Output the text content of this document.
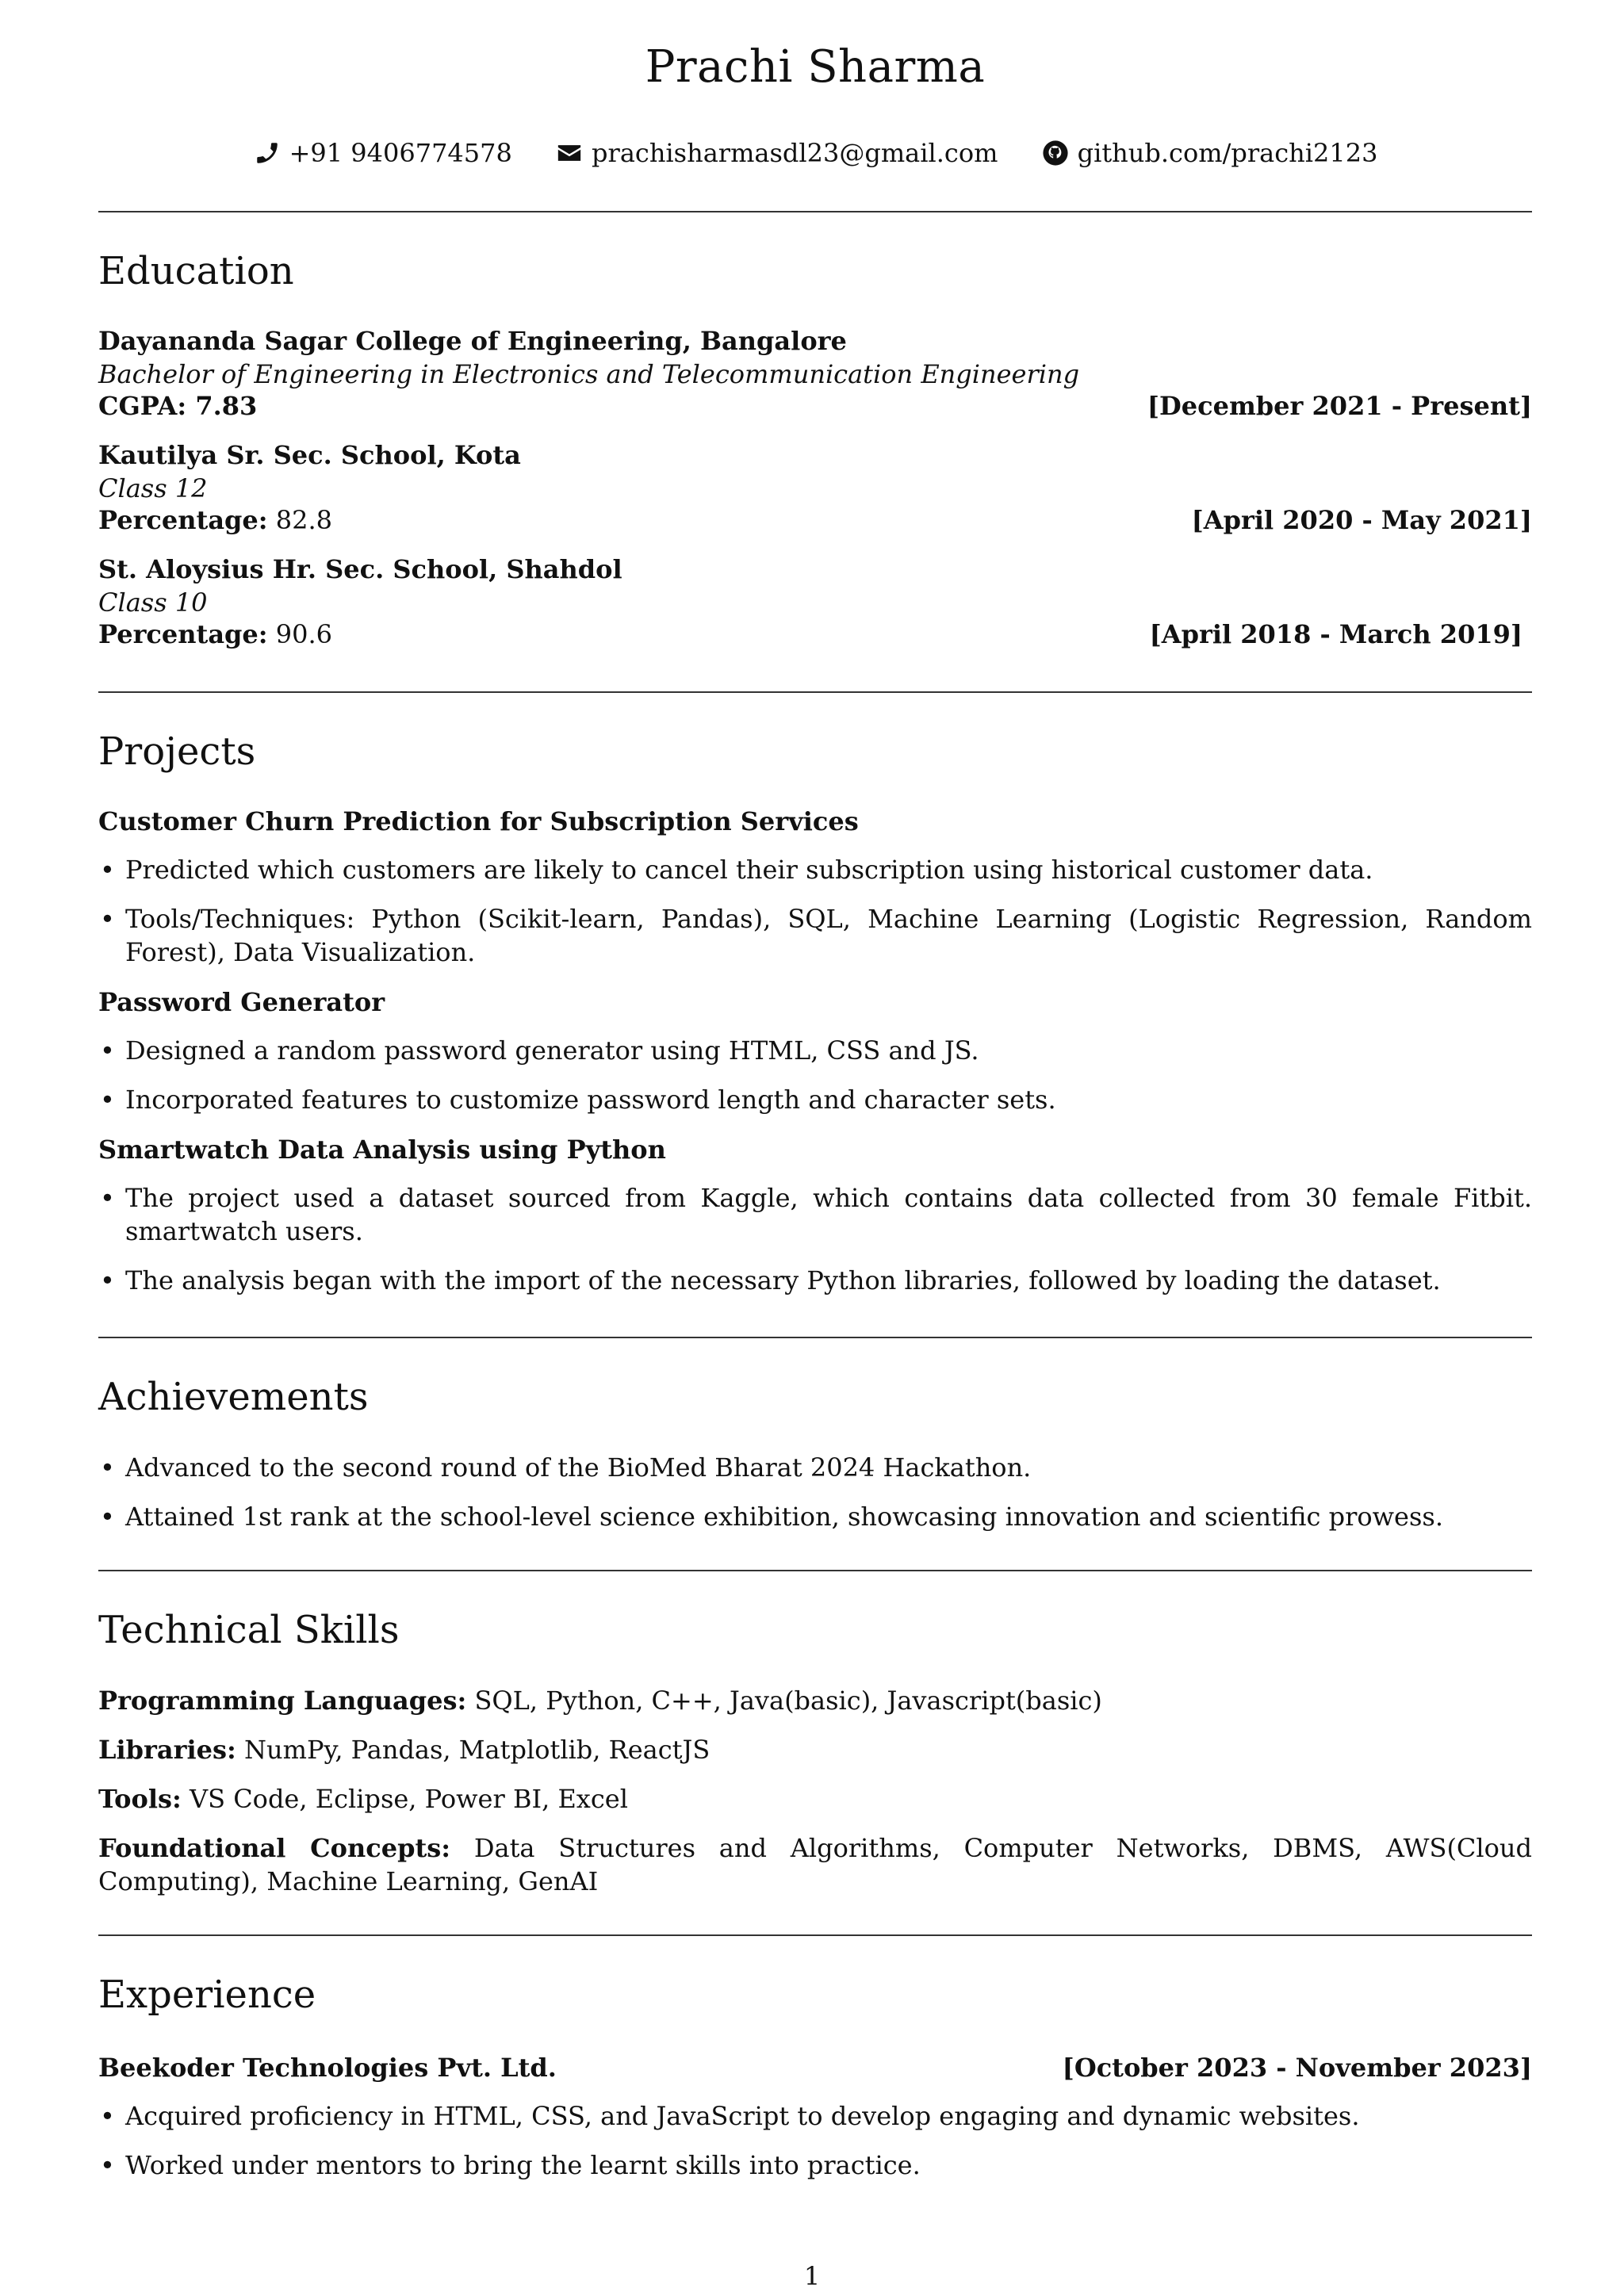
Prachi Sharma
+91 9406774578	prachisharmasdl23@gmail.com	github.com/prachi2123
Education
Dayananda Sagar College of Engineering, Bangalore
Bachelor of Engineering in Electronics and Telecommunication Engineering
CGPA: 7.83	[December 2021 - Present]
Kautilya Sr. Sec. School, Kota
Class 12
Percentage: 82.8	[April 2020 - May 2021]
St. Aloysius Hr. Sec. School, Shahdol
Class 10
Percentage: 90.6	[April 2018 - March 2019]
Projects
Customer Churn Prediction for Subscription Services
• Predicted which customers are likely to cancel their subscription using historical customer data.
• Tools/Techniques: Python (Scikit-learn, Pandas), SQL, Machine Learning (Logistic Regression, Random Forest), Data Visualization.
Password Generator
• Designed a random password generator using HTML, CSS and JS.
• Incorporated features to customize password length and character sets.
Smartwatch Data Analysis using Python
• The project used a dataset sourced from Kaggle, which contains data collected from 30 female Fitbit. smartwatch users.
• The analysis began with the import of the necessary Python libraries, followed by loading the dataset.
Achievements
• Advanced to the second round of the BioMed Bharat 2024 Hackathon.
• Attained 1st rank at the school-level science exhibition, showcasing innovation and scientific prowess.
Technical Skills
Programming Languages: SQL, Python, C++, Java(basic), Javascript(basic)
Libraries: NumPy, Pandas, Matplotlib, ReactJS
Tools: VS Code, Eclipse, Power BI, Excel
Foundational Concepts: Data Structures and Algorithms, Computer Networks, DBMS, AWS(Cloud Computing), Machine Learning, GenAI
Experience
Beekoder Technologies Pvt. Ltd.	[October 2023 - November 2023]
• Acquired proficiency in HTML, CSS, and JavaScript to develop engaging and dynamic websites.
• Worked under mentors to bring the learnt skills into practice.
1
